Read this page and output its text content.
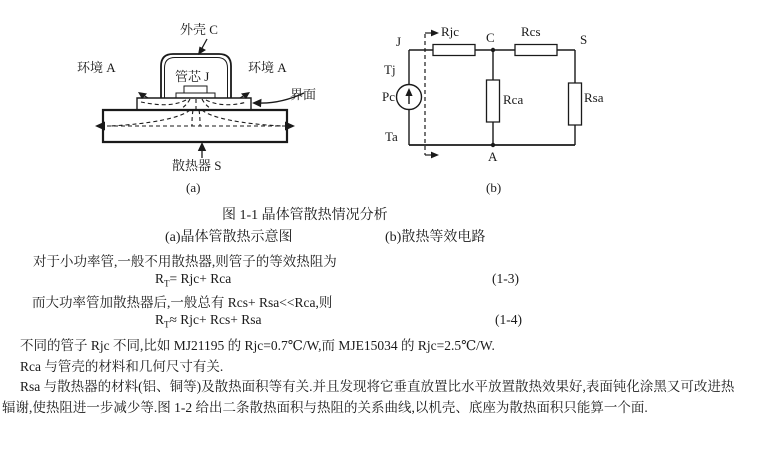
外壳 C
环境 A	环境 A
管芯 J
界面
散热器 S
(a)
J	C	S
A
Tj
Pc
Ta
Rjc	Rcs
Rca	Rsa
(b)
图 1-1 晶体管散热情况分析
(a)晶体管散热示意图	(b)散热等效电路
对于小功率管,一般不用散热器,则管子的等效热阻为
$R_T= Rjc+$ Rca	(1-3)
而大功率管加散热器后,一般总有 Rcs+ Rsa<<Rca,则
$R_T\approx Rjc+ Rcs+$ Rsa	(1-4)
不同的管子 Rjc 不同,比如 MJ21195 的 Rjc=0.7℃/W,而 MJE15034 的 Rjc=2.5℃/W.
Rca 与管壳的材料和几何尺寸有关.
Rsa 与散热器的材料(铝、铜等)及散热面积等有关.并且发现将它垂直放置比水平放置散热效果好,表面钝化涂黑又可改进热
辐谢,使热阻进一步减少等.图 1-2 给出二条散热面积与热阻的关系曲线,以机壳、底座为散热面积只能算一个面.
